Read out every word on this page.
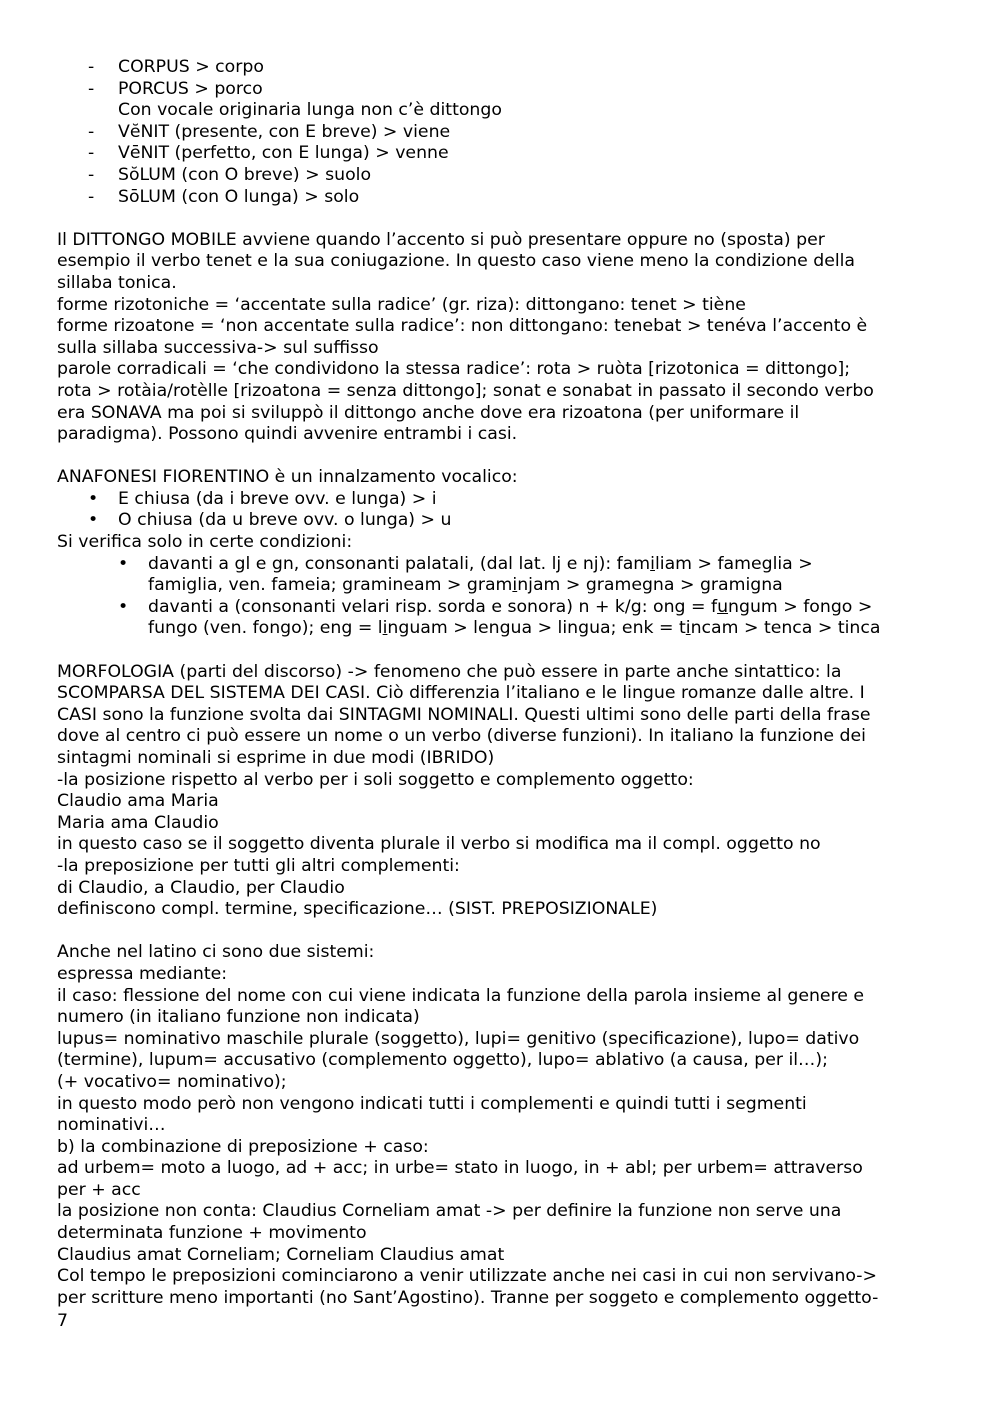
- CORPUS > corpo
- PORCUS > porco
Con vocale originaria lunga non c’è dittongo
- VĕNIT (presente, con E breve) > viene
- VēNIT (perfetto, con E lunga) > venne
- SŏLUM (con O breve) > suolo
- SōLUM (con O lunga) > solo
Il DITTONGO MOBILE avviene quando l’accento si può presentare oppure no (sposta) per
esempio il verbo tenet e la sua coniugazione. In questo caso viene meno la condizione della
sillaba tonica.
forme rizotoniche = ‘accentate sulla radice’ (gr. riza): dittongano: tenet > tiène
forme rizoatone = ‘non accentate sulla radice’: non dittongano: tenebat > tenéva l’accento è
sulla sillaba successiva-> sul suffisso
parole corradicali = ‘che condividono la stessa radice’: rota > ruòta [rizotonica = dittongo];
rota > rotàia/rotèlle [rizoatona = senza dittongo]; sonat e sonabat in passato il secondo verbo
era SONAVA ma poi si sviluppò il dittongo anche dove era rizoatona (per uniformare il
paradigma). Possono quindi avvenire entrambi i casi.
ANAFONESI FIORENTINO è un innalzamento vocalico:
• E chiusa (da i breve ovv. e lunga) > i
• O chiusa (da u breve ovv. o lunga) > u
Si verifica solo in certe condizioni:
• davanti a gl e gn, consonanti palatali, (dal lat. lj e nj): familiam > fameglia >
famiglia, ven. fameia; gramineam > graminjam > gramegna > gramigna
• davanti a (consonanti velari risp. sorda e sonora) n + k/g: ong = fungum > fongo >
fungo (ven. fongo); eng = linguam > lengua > lingua; enk = tincam > tenca > tinca
MORFOLOGIA (parti del discorso) -> fenomeno che può essere in parte anche sintattico: la
SCOMPARSA DEL SISTEMA DEI CASI. Ciò differenzia l’italiano e le lingue romanze dalle altre. I
CASI sono la funzione svolta dai SINTAGMI NOMINALI. Questi ultimi sono delle parti della frase
dove al centro ci può essere un nome o un verbo (diverse funzioni). In italiano la funzione dei
sintagmi nominali si esprime in due modi (IBRIDO)
-la posizione rispetto al verbo per i soli soggetto e complemento oggetto:
Claudio ama Maria
Maria ama Claudio
in questo caso se il soggetto diventa plurale il verbo si modifica ma il compl. oggetto no
-la preposizione per tutti gli altri complementi:
di Claudio, a Claudio, per Claudio
definiscono compl. termine, specificazione… (SIST. PREPOSIZIONALE)
Anche nel latino ci sono due sistemi:
espressa mediante:
il caso: flessione del nome con cui viene indicata la funzione della parola insieme al genere e
numero (in italiano funzione non indicata)
lupus= nominativo maschile plurale (soggetto), lupi= genitivo (specificazione), lupo= dativo
(termine), lupum= accusativo (complemento oggetto), lupo= ablativo (a causa, per il…);
(+ vocativo= nominativo);
in questo modo però non vengono indicati tutti i complementi e quindi tutti i segmenti
nominativi…
b) la combinazione di preposizione + caso:
ad urbem= moto a luogo, ad + acc; in urbe= stato in luogo, in + abl; per urbem= attraverso
per + acc
la posizione non conta: Claudius Corneliam amat -> per definire la funzione non serve una
determinata funzione + movimento
Claudius amat Corneliam; Corneliam Claudius amat
Col tempo le preposizioni cominciarono a venir utilizzate anche nei casi in cui non servivano->
per scritture meno importanti (no Sant’Agostino). Tranne per soggeto e complemento oggetto-
7
